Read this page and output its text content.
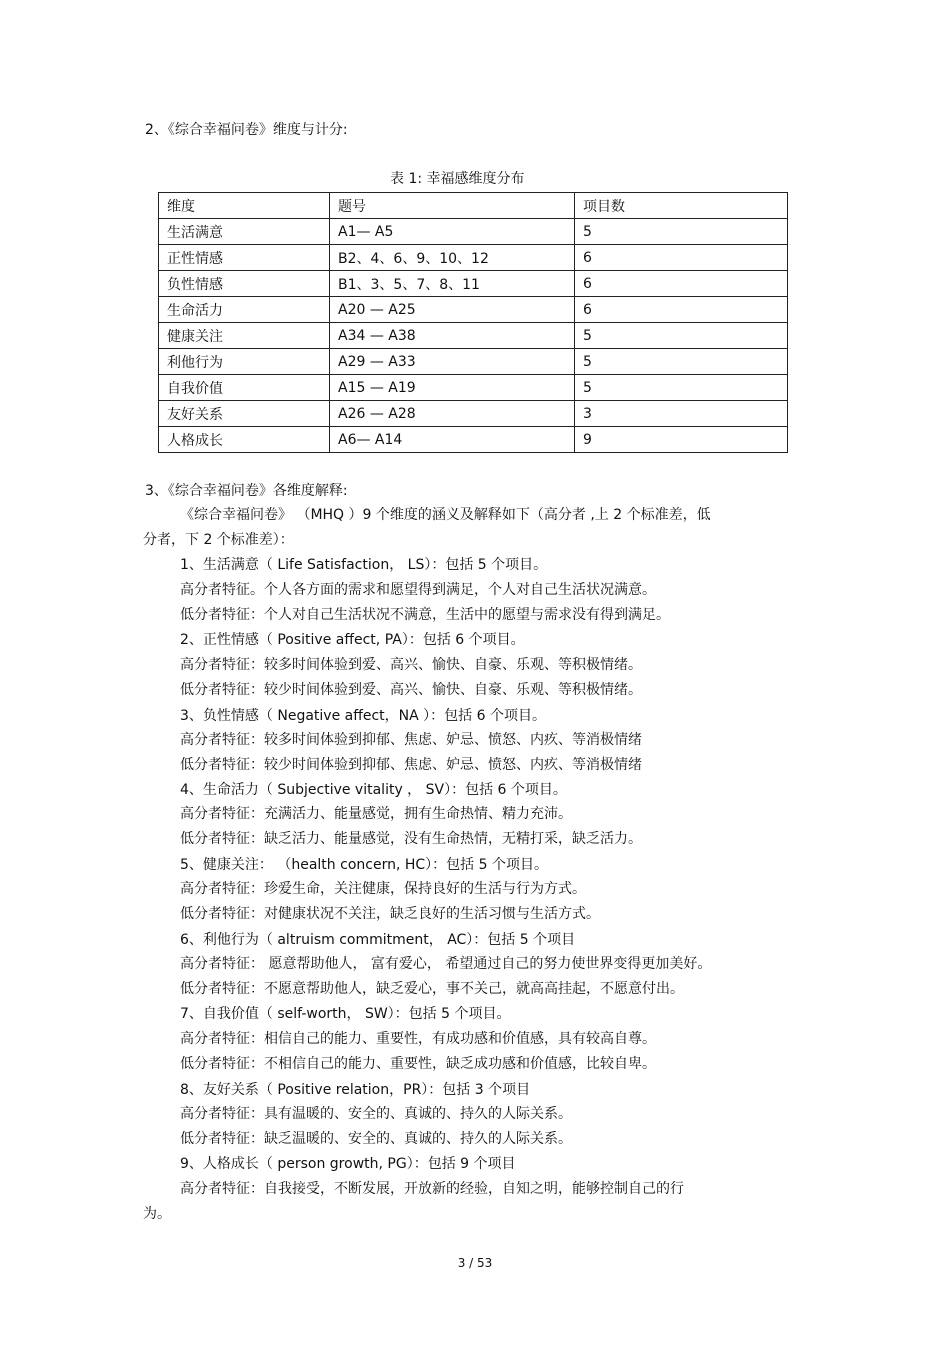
2、《综合幸福问卷》维度与计分:
表 1: 幸福感维度分布
维度	题号	项目数
生活满意	A1— A5	5
正性情感	B2、4、6、9、10、12	6
负性情感	B1、3、5、7、8、11	6
生命活力	A20 — A25	6
健康关注	A34 — A38	5
利他行为	A29 — A33	5
自我价值	A15 — A19	5
友好关系	A26 — A28	3
人格成长	A6— A14	9
3、《综合幸福问卷》各维度解释:
《综合幸福问卷》 （MHQ ）9 个维度的涵义及解释如下（高分者 ,上 2 个标准差，低
分者，下 2 个标准差）：
1、生活满意（ Life Satisfaction， LS）：包括 5 个项目。
高分者特征。个人各方面的需求和愿望得到满足，个人对自己生活状况满意。
低分者特征：个人对自己生活状况不满意，生活中的愿望与需求没有得到满足。
2、正性情感（ Positive affect, PA）：包括 6 个项目。
高分者特征：较多时间体验到爱、高兴、愉快、自豪、乐观、等积极情绪。
低分者特征：较少时间体验到爱、高兴、愉快、自豪、乐观、等积极情绪。
3、负性情感（ Negative affect，NA ）：包括 6 个项目。
高分者特征：较多时间体验到抑郁、焦虑、妒忌、愤怒、内疚、等消极情绪
低分者特征：较少时间体验到抑郁、焦虑、妒忌、愤怒、内疚、等消极情绪
4、生命活力（ Subjective vitality ， SV）：包括 6 个项目。
高分者特征：充满活力、能量感觉，拥有生命热情、精力充沛。
低分者特征：缺乏活力、能量感觉，没有生命热情，无精打采，缺乏活力。
5、健康关注： （health concern, HC）：包括 5 个项目。
高分者特征：珍爱生命，关注健康，保持良好的生活与行为方式。
低分者特征：对健康状况不关注，缺乏良好的生活习惯与生活方式。
6、利他行为（ altruism commitment， AC）：包括 5 个项目
高分者特征： 愿意帮助他人， 富有爱心， 希望通过自己的努力使世界变得更加美好。
低分者特征：不愿意帮助他人，缺乏爱心，事不关己，就高高挂起，不愿意付出。
7、自我价值（ self-worth， SW）：包括 5 个项目。
高分者特征：相信自己的能力、重要性，有成功感和价值感，具有较高自尊。
低分者特征：不相信自己的能力、重要性，缺乏成功感和价值感，比较自卑。
8、友好关系（ Positive relation，PR）：包括 3 个项目
高分者特征：具有温暖的、安全的、真诚的、持久的人际关系。
低分者特征：缺乏温暖的、安全的、真诚的、持久的人际关系。
9、人格成长（ person growth, PG）：包括 9 个项目
高分者特征：自我接受，不断发展，开放新的经验，自知之明，能够控制自己的行
为。
3 / 53
